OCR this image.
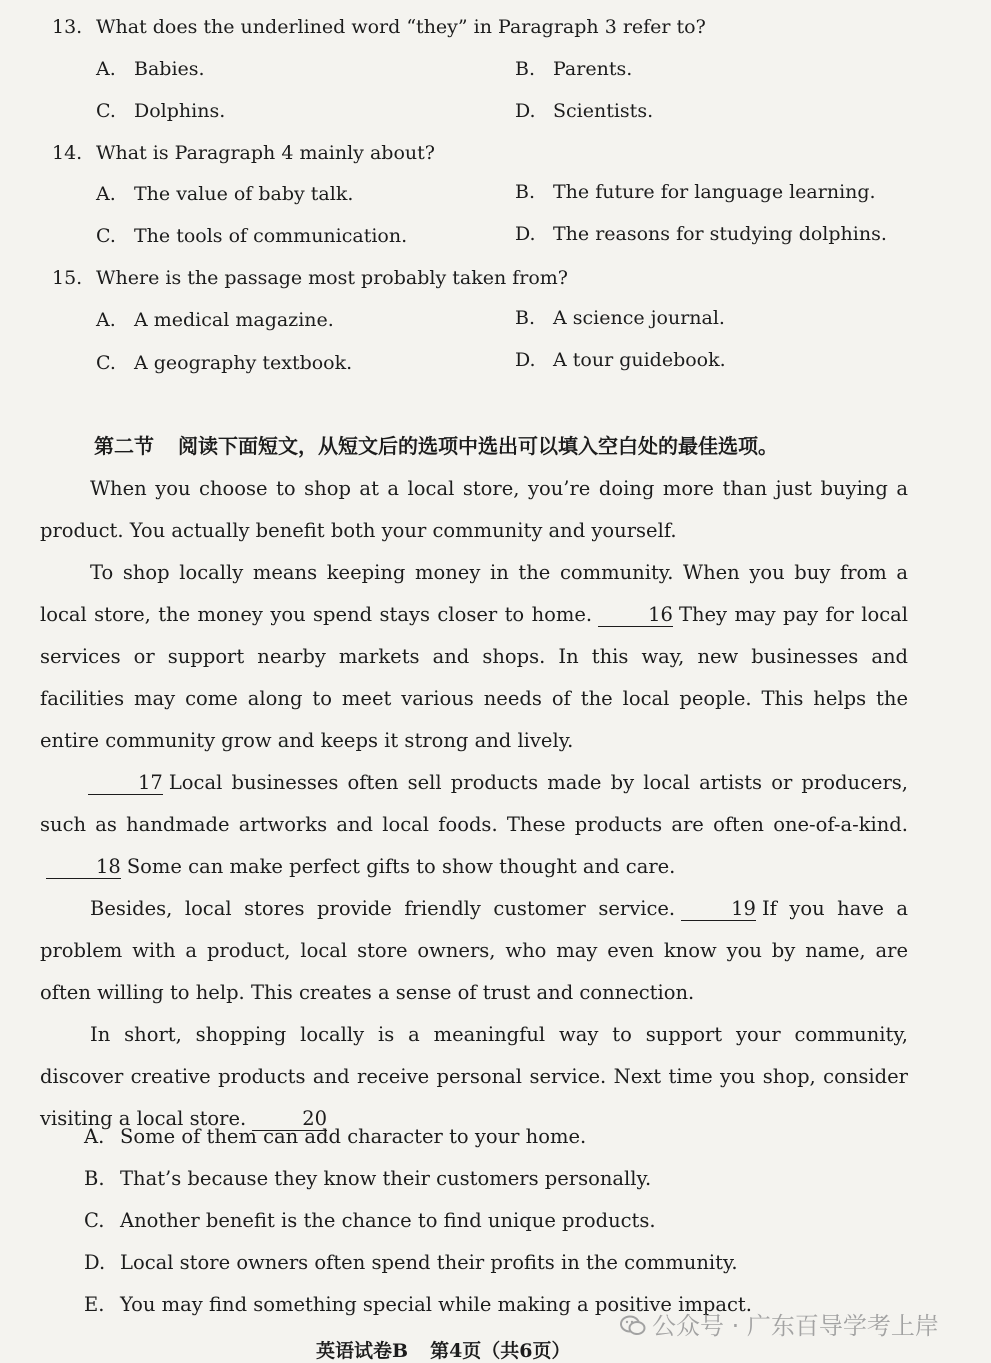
13. What does the underlined word “they” in Paragraph 3 refer to?
A. Babies.	B. Parents.
C. Dolphins.	D. Scientists.
14. What is Paragraph 4 mainly about?
A. The value of baby talk.	B. The future for language learning.
C. The tools of communication.	D. The reasons for studying dolphins.
15. Where is the passage most probably taken from?
A. A medical magazine.	B. A science journal.
C. A geography textbook.	D. A tour guidebook.
第二节 阅读下面短文，从短文后的选项中选出可以填入空白处的最佳选项。

When you choose to shop at a local store, you’re doing more than just buying a product. You actually benefit both your community and yourself.

To shop locally means keeping money in the community. When you buy from a local store, the money you spend stays closer to home.	16 They may pay for local services or support nearby markets and shops. In this way, new businesses and facilities may come along to meet various needs of the local people. This helps the entire community grow and keeps it strong and lively.

17 Local businesses often sell products made by local artists or producers, such as handmade artworks and local foods. These products are often one-of-a-kind.18 Some can make perfect gifts to show thought and care.

Besides, local stores provide friendly customer service.	19 If you have a problem with a product, local store owners, who may even know you by name, are often willing to help. This creates a sense of trust and connection.

In short, shopping locally is a meaningful way to support your community, discover creative products and receive personal service. Next time you shop, consider visiting a local store.	20

A. Some of them can add character to your home.
B. That’s because they know their customers personally.
C. Another benefit is the chance to find unique products.
D. Local store owners often spend their profits in the community.
E. You may find something special while making a positive impact.
公众号 · 广东百导学考上岸
英语试卷B 第4页（共6页）
